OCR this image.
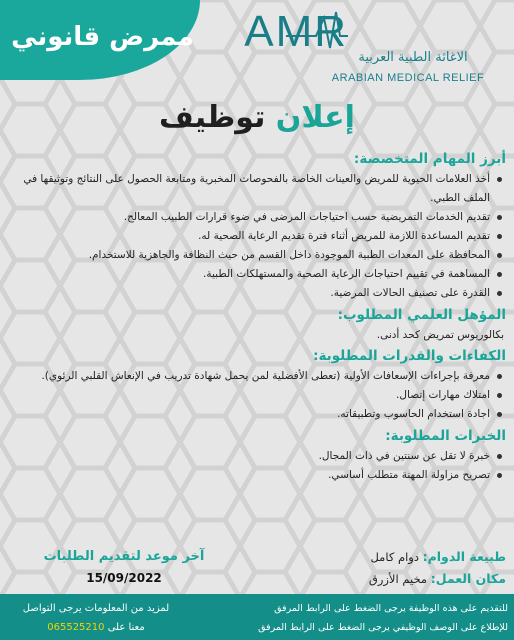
ممرض قانوني AMR
الاغاثة الطبية العربية
ARABIAN MEDICAL RELIEF
إعلان توظيف
أبرز المهام المتخصصة:
أخذ العلامات الحيوية للمريض والعينات الخاصة بالفحوصات المخبرية ومتابعة الحصول على النتائج وتوثيقها في الملف الطبي.
تقديم الخدمات التمريضية حسب احتياجات المرضى في ضوء قرارات الطبيب المعالج.
تقديم المساعدة اللازمة للمريض أثناء فترة تقديم الرعاية الصحية له.
المحافظة على المعدات الطبية الموجودة داخل القسم من حيث النظافة والجاهزية للاستخدام.
المساهمة في تقييم احتياجات الرعاية الصحية والمستهلكات الطبية.
القدرة على تصنيف الحالات المرضية.
المؤهل العلمي المطلوب:
بكالوريوس تمريض كحد أدنى.
الكفاءات والقدرات المطلوبة:
معرفة بإجراءات الإسعافات الأولية (تعطى الأفضلية لمن يحمل شهادة تدريب في الإنعاش القلبي الرئوي).
امتلاك مهارات إتصال.
اجادة استخدام الحاسوب وتطبيقاته.
الخبرات المطلوبة:
خبرة لا تقل عن سنتين في ذات المجال.
تصريح مزاولة المهنة متطلب أساسي.
طبيعة الدوام: دوام كامل
مكان العمل: مخيم الأزرق
آخر موعد لتقديم الطلبات
15/09/2022
للتقديم على هذه الوظيفة يرجى الضغط على الرابط المرفق
للإطلاع على الوصف الوظيفي يرجى الضغط على الرابط المرفق
لمزيد من المعلومات يرجى التواصل
معنا على 065525210
